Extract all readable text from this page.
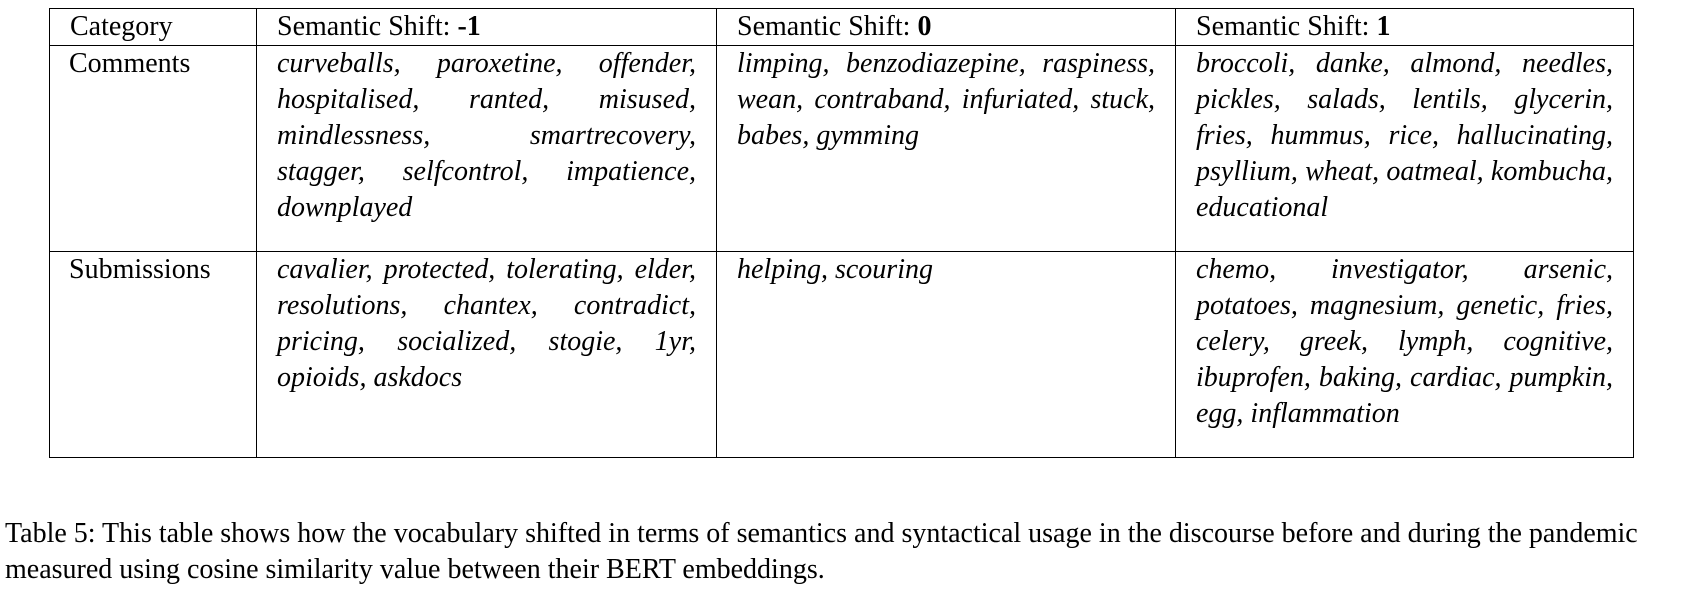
Category	Semantic Shift: -1	Semantic Shift: 0	Semantic Shift: 1
Comments	curveballs, paroxetine, offender, hospitalised, ranted, misused, mindlessness, smartrecovery, stagger, selfcontrol, impatience, downplayed	limping, benzodiazepine, raspiness, wean, contraband, infuriated, stuck, babes, gymming	broccoli, danke, almond, needles, pickles, salads, lentils, glycerin, fries, hummus, rice, hallucinating, psyllium, wheat, oatmeal, kombucha, educational
Submissions	cavalier, protected, tolerating, elder, resolutions, chantex, contradict, pricing, socialized, stogie, 1yr, opioids, askdocs	helping, scouring	chemo, investigator, arsenic, potatoes, magnesium, genetic, fries, celery, greek, lymph, cognitive, ibuprofen, baking, cardiac, pumpkin, egg, inflammation
Table 5: This table shows how the vocabulary shifted in terms of semantics and syntactical usage in the discourse before and during the pandemic measured using cosine similarity value between their BERT embeddings.
